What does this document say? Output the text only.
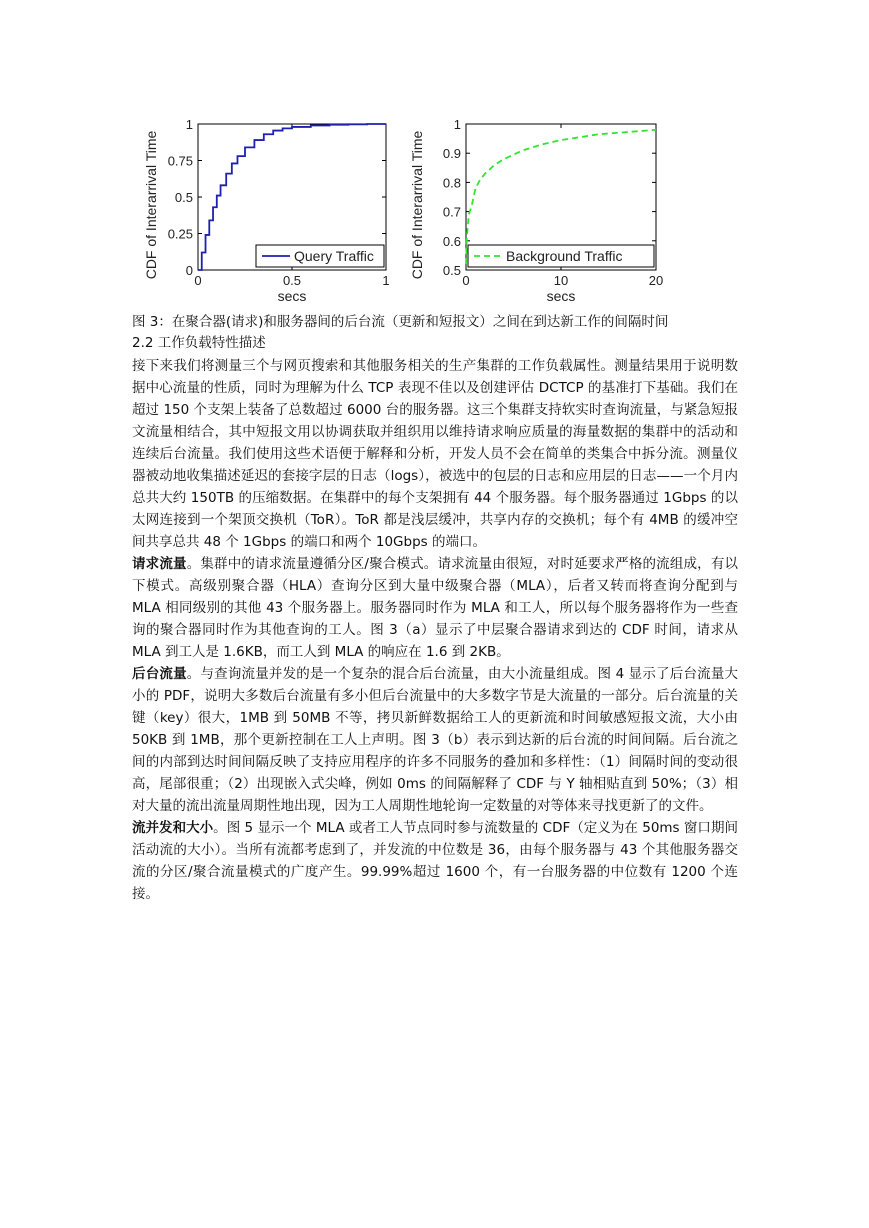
0
0.25
0.5
0.75
1
0	0.5	1
secs
CDF of Interarrival Time	Query Traffic
0.5
0.6
0.7
0.8
0.9
1
0	10	20
secs
CDF of Interarrival Time	Background Traffic
图 3：在聚合器(请求)和服务器间的后台流（更新和短报文）之间在到达新工作的间隔时间
2.2 工作负载特性描述

接下来我们将测量三个与网页搜索和其他服务相关的生产集群的工作负载属性。测量结果用于说明数据中心流量的性质，同时为理解为什么 TCP 表现不佳以及创建评估 DCTCP 的基准打下基础。我们在超过 150 个支架上装备了总数超过 6000 台的服务器。这三个集群支持软实时查询流量，与紧急短报文流量相结合，其中短报文用以协调获取并组织用以维持请求响应质量的海量数据的集群中的活动和连续后台流量。我们使用这些术语便于解释和分析，开发人员不会在简单的类集合中拆分流。测量仪器被动地收集描述延迟的套接字层的日志（logs），被选中的包层的日志和应用层的日志——一个月内总共大约 150TB 的压缩数据。在集群中的每个支架拥有 44 个服务器。每个服务器通过 1Gbps 的以太网连接到一个架顶交换机（ToR）。ToR 都是浅层缓冲，共享内存的交换机；每个有 4MB 的缓冲空间共享总共 48 个 1Gbps 的端口和两个 10Gbps 的端口。

请求流量。集群中的请求流量遵循分区/聚合模式。请求流量由很短，对时延要求严格的流组成，有以下模式。高级别聚合器（HLA）查询分区到大量中级聚合器（MLA），后者又转而将查询分配到与 MLA 相同级别的其他 43 个服务器上。服务器同时作为 MLA 和工人，所以每个服务器将作为一些查询的聚合器同时作为其他查询的工人。图 3（a）显示了中层聚合器请求到达的 CDF 时间，请求从 MLA 到工人是 1.6KB，而工人到 MLA 的响应在 1.6 到 2KB。

后台流量。与查询流量并发的是一个复杂的混合后台流量，由大小流量组成。图 4 显示了后台流量大小的 PDF，说明大多数后台流量有多小但后台流量中的大多数字节是大流量的一部分。后台流量的关键（key）很大，1MB 到 50MB 不等，拷贝新鲜数据给工人的更新流和时间敏感短报文流，大小由 50KB 到 1MB，那个更新控制在工人上声明。图 3（b）表示到达新的后台流的时间间隔。后台流之间的内部到达时间间隔反映了支持应用程序的许多不同服务的叠加和多样性：（1）间隔时间的变动很高，尾部很重；（2）出现嵌入式尖峰，例如 0ms 的间隔解释了 CDF 与 Y 轴相贴直到 50%；（3）相对大量的流出流量周期性地出现，因为工人周期性地轮询一定数量的对等体来寻找更新了的文件。

流并发和大小。图 5 显示一个 MLA 或者工人节点同时参与流数量的 CDF（定义为在 50ms 窗口期间活动流的大小）。当所有流都考虑到了，并发流的中位数是 36，由每个服务器与 43 个其他服务器交流的分区/聚合流量模式的广度产生。99.99%超过 1600 个，有一台服务器的中位数有 1200 个连接。
